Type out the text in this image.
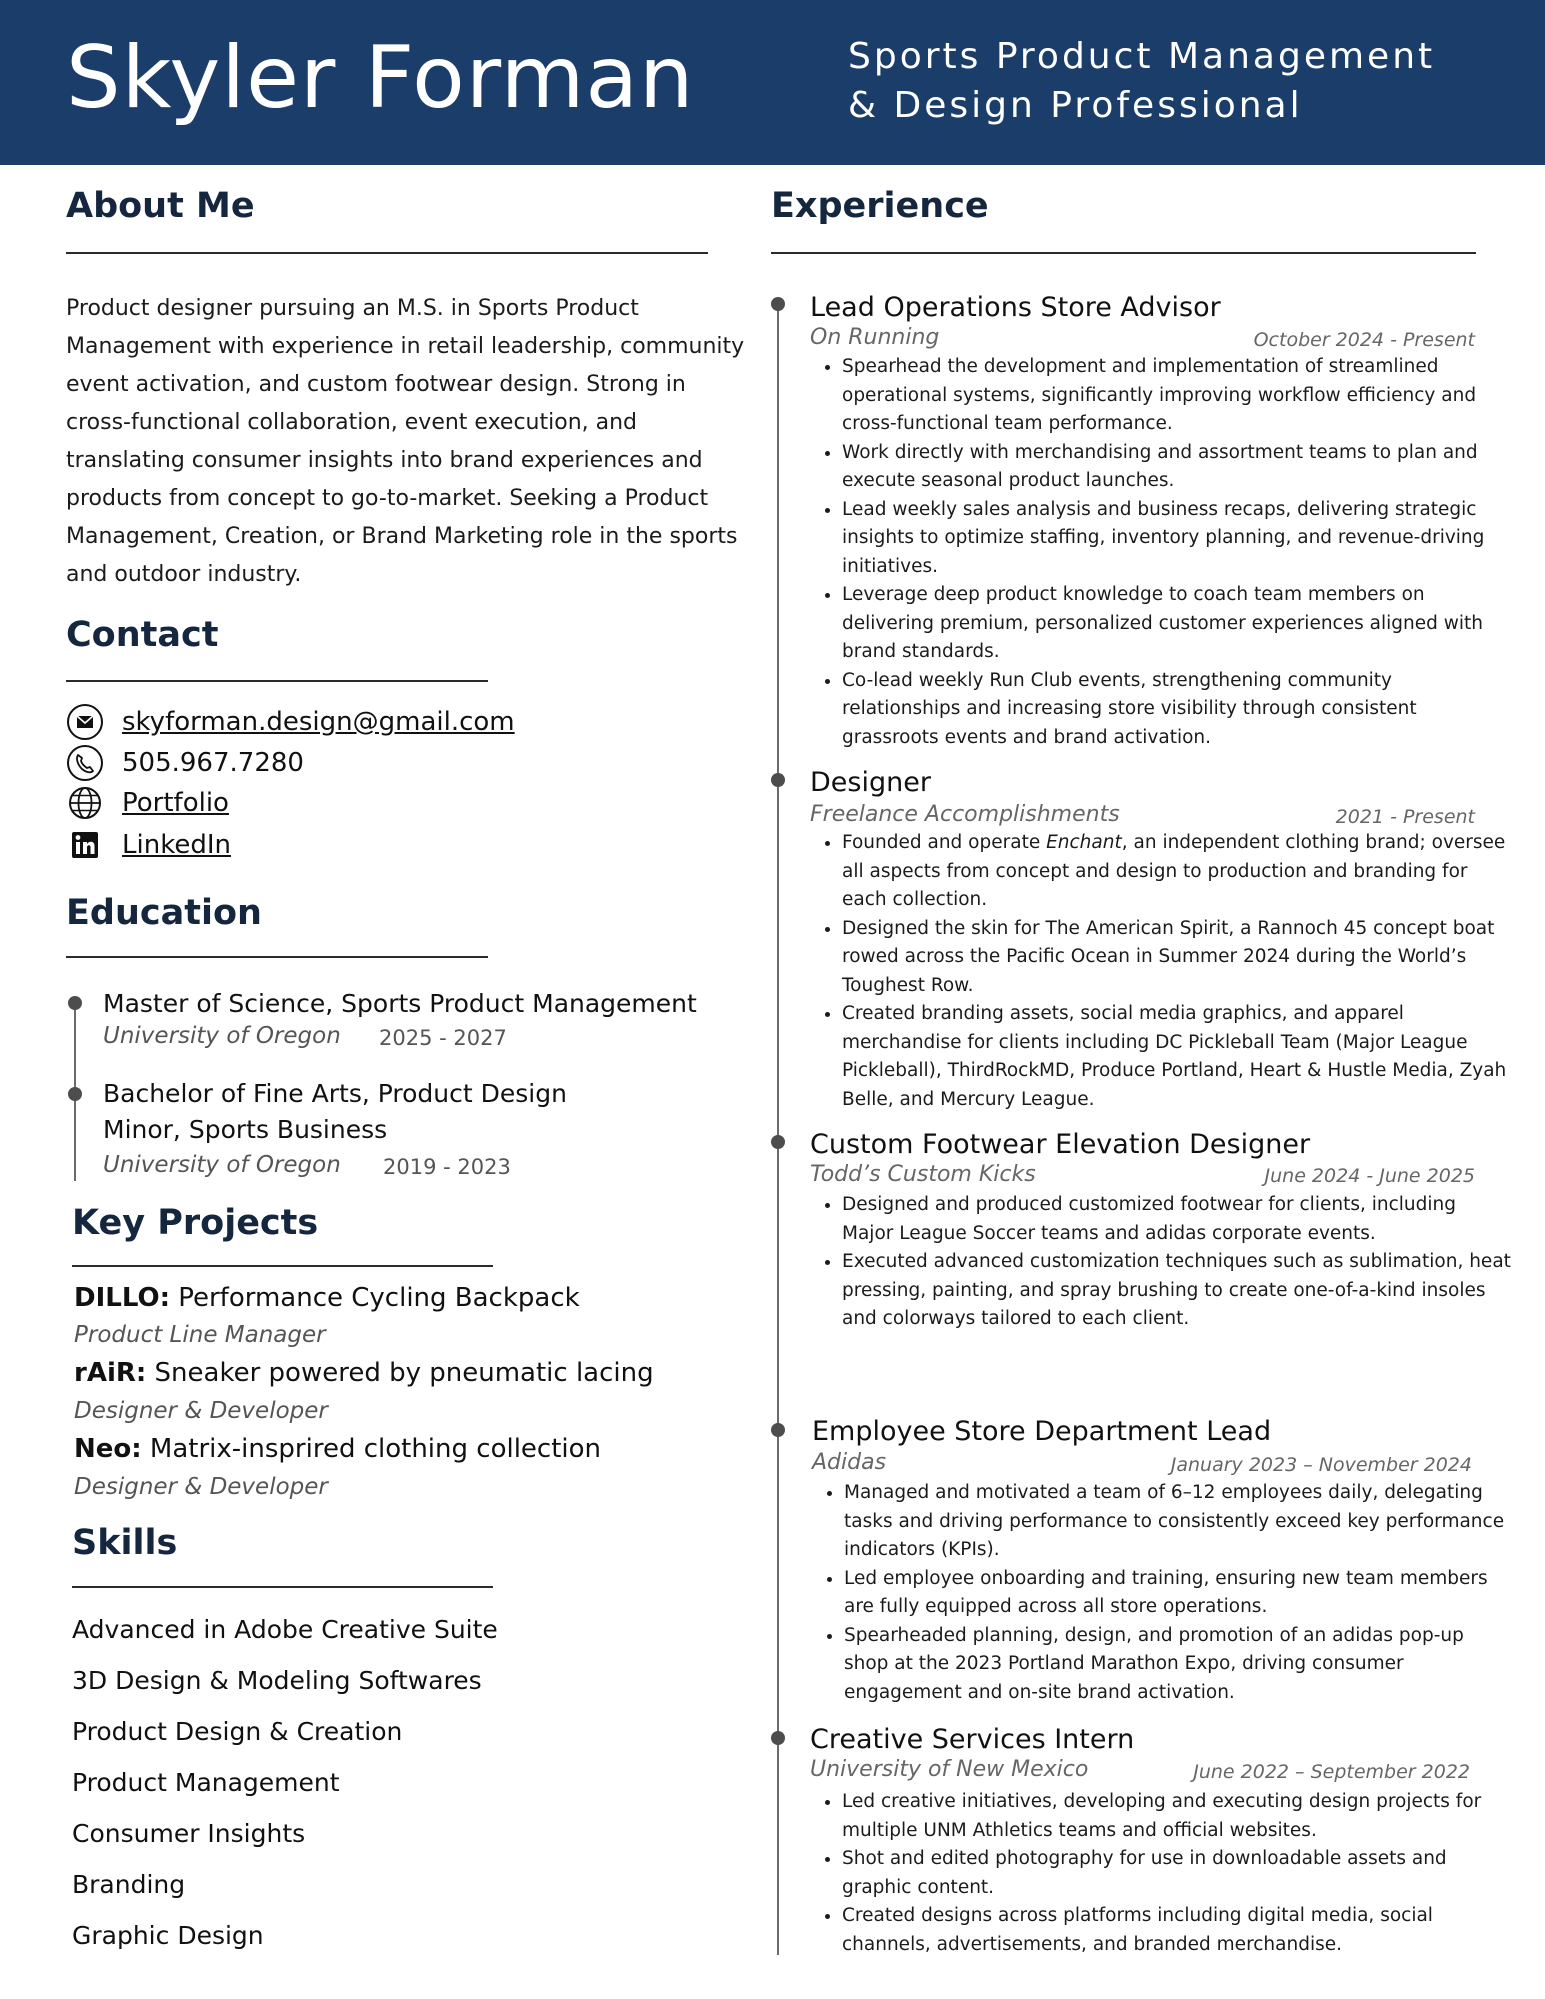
Skyler Forman	Sports Product Management
& Design Professional
About Me
Product designer pursuing an M.S. in Sports Product Management with experience in retail leadership, community event activation, and custom footwear design. Strong in cross-functional collaboration, event execution, and translating consumer insights into brand experiences and products from concept to go-to-market. Seeking a Product Management, Creation, or Brand Marketing role in the sports and outdoor industry.
Contact
skyforman.design@gmail.com
505.967.7280
Portfolio
LinkedIn
Education
Master of Science, Sports Product Management
University of Oregon 2025 - 2027
Bachelor of Fine Arts, Product Design
Minor, Sports Business
University of Oregon 2019 - 2023
Key Projects
DILLO: Performance Cycling Backpack
Product Line Manager
rAiR: Sneaker powered by pneumatic lacing
Designer & Developer
Neo: Matrix-insprired clothing collection
Designer & Developer
Skills
Advanced in Adobe Creative Suite
3D Design & Modeling Softwares
Product Design & Creation
Product Management
Consumer Insights
Branding
Graphic Design
Experience
Lead Operations Store Advisor
On Running	October 2024 - Present
• Spearhead the development and implementation of streamlined operational systems, significantly improving workflow efficiency and cross-functional team performance.
• Work directly with merchandising and assortment teams to plan and execute seasonal product launches.
• Lead weekly sales analysis and business recaps, delivering strategic insights to optimize staffing, inventory planning, and revenue-driving initiatives.
• Leverage deep product knowledge to coach team members on delivering premium, personalized customer experiences aligned with brand standards.
• Co-lead weekly Run Club events, strengthening community relationships and increasing store visibility through consistent grassroots events and brand activation.
Designer
Freelance Accomplishments	2021 - Present
• Founded and operate Enchant, an independent clothing brand; oversee all aspects from concept and design to production and branding for each collection.
• Designed the skin for The American Spirit, a Rannoch 45 concept boat rowed across the Pacific Ocean in Summer 2024 during the World’s Toughest Row.
• Created branding assets, social media graphics, and apparel merchandise for clients including DC Pickleball Team (Major League Pickleball), ThirdRockMD, Produce Portland, Heart & Hustle Media, Zyah Belle, and Mercury League.
Custom Footwear Elevation Designer
Todd’s Custom Kicks	June 2024 - June 2025
• Designed and produced customized footwear for clients, including Major League Soccer teams and adidas corporate events.
• Executed advanced customization techniques such as sublimation, heat pressing, painting, and spray brushing to create one-of-a-kind insoles and colorways tailored to each client.
Employee Store Department Lead
Adidas	January 2023 – November 2024
• Managed and motivated a team of 6–12 employees daily, delegating tasks and driving performance to consistently exceed key performance indicators (KPIs).
• Led employee onboarding and training, ensuring new team members are fully equipped across all store operations.
• Spearheaded planning, design, and promotion of an adidas pop-up shop at the 2023 Portland Marathon Expo, driving consumer engagement and on-site brand activation.
Creative Services Intern
University of New Mexico	June 2022 – September 2022
• Led creative initiatives, developing and executing design projects for multiple UNM Athletics teams and official websites.
• Shot and edited photography for use in downloadable assets and graphic content.
• Created designs across platforms including digital media, social channels, advertisements, and branded merchandise.
